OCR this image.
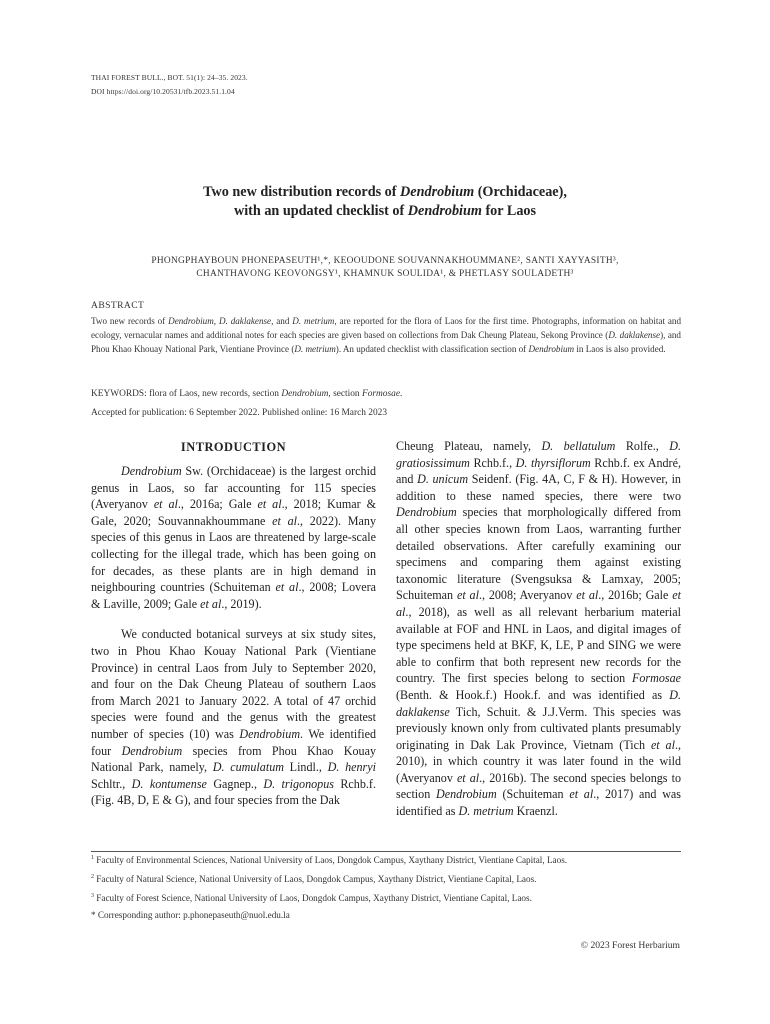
THAI FOREST BULL., BOT. 51(1): 24–35. 2023.
DOI https://doi.org/10.20531/tfb.2023.51.1.04
Two new distribution records of Dendrobium (Orchidaceae),
with an updated checklist of Dendrobium for Laos
PHONGPHAYBOUN PHONEPASEUTH¹,*, KEOOUDONE SOUVANNAKHOUMMANE², SANTI XAYYASITH³,
CHANTHAVONG KEOVONGSY¹, KHAMNUK SOULIDA¹, & PHETLASY SOULADETH³
ABSTRACT
Two new records of Dendrobium, D. daklakense, and D. metrium, are reported for the flora of Laos for the first time. Photographs, information on habitat and ecology, vernacular names and additional notes for each species are given based on collections from Dak Cheung Plateau, Sekong Province (D. daklakense), and Phou Khao Khouay National Park, Vientiane Province (D. metrium). An updated checklist with classification section of Dendrobium in Laos is also provided.
KEYWORDS: flora of Laos, new records, section Dendrobium, section Formosae.
Accepted for publication: 6 September 2022. Published online: 16 March 2023
INTRODUCTION

Dendrobium Sw. (Orchidaceae) is the largest orchid genus in Laos, so far accounting for 115 species (Averyanov et al., 2016a; Gale et al., 2018; Kumar & Gale, 2020; Souvannakhoummane et al., 2022). Many species of this genus in Laos are threatened by large-scale collecting for the illegal trade, which has been going on for decades, as these plants are in high demand in neighbouring countries (Schuiteman et al., 2008; Lovera & Laville, 2009; Gale et al., 2019).

We conducted botanical surveys at six study sites, two in Phou Khao Kouay National Park (Vientiane Province) in central Laos from July to September 2020, and four on the Dak Cheung Plateau of southern Laos from March 2021 to January 2022. A total of 47 orchid species were found and the genus with the greatest number of species (10) was Dendrobium. We identified four Dendrobium species from Phou Khao Kouay National Park, namely, D. cumulatum Lindl., D. henryi Schltr., D. kontumense Gagnep., D. trigonopus Rchb.f. (Fig. 4B, D, E & G), and four species from the Dak

Cheung Plateau, namely, D. bellatulum Rolfe., D. gratiosissimum Rchb.f., D. thyrsiflorum Rchb.f. ex André, and D. unicum Seidenf. (Fig. 4A, C, F & H). However, in addition to these named species, there were two Dendrobium species that morphologically differed from all other species known from Laos, warranting further detailed observations. After carefully examining our specimens and comparing them against existing taxonomic literature (Svengsuksa & Lamxay, 2005; Schuiteman et al., 2008; Averyanov et al., 2016b; Gale et al., 2018), as well as all relevant herbarium material available at FOF and HNL in Laos, and digital images of type specimens held at BKF, K, LE, P and SING we were able to confirm that both represent new records for the country. The first species belong to section Formosae (Benth. & Hook.f.) Hook.f. and was identified as D. daklakense Tich, Schuit. & J.J.Verm. This species was previously known only from cultivated plants presumably originating in Dak Lak Province, Vietnam (Tich et al., 2010), in which country it was later found in the wild (Averyanov et al., 2016b). The second species belongs to section Dendrobium (Schuiteman et al., 2017) and was identified as D. metrium Kraenzl.

$^1$ Faculty of Environmental Sciences, National University of Laos, Dongdok Campus, Xaythany District, Vientiane Capital, Laos.
$^2$ Faculty of Natural Science, National University of Laos, Dongdok Campus, Xaythany District, Vientiane Capital, Laos.
$^3$ Faculty of Forest Science, National University of Laos, Dongdok Campus, Xaythany District, Vientiane Capital, Laos.
* Corresponding author: p.phonepaseuth@nuol.edu.la
© 2023 Forest Herbarium
